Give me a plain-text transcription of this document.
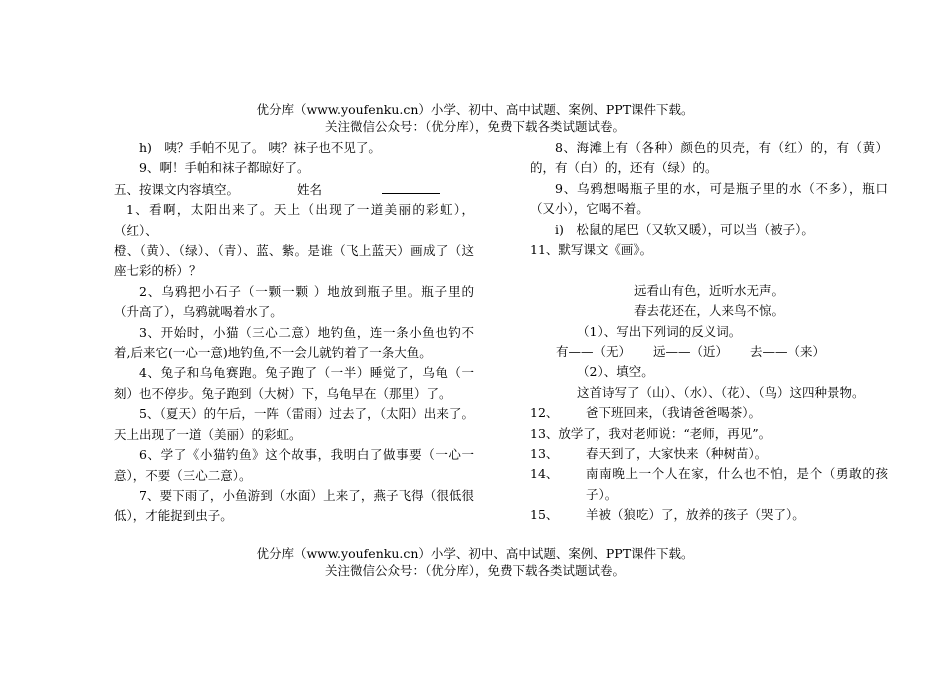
优分库（www.youfenku.cn）小学、初中、高中试题、案例、PPT课件下载。
关注微信公众号：（优分库），免费下载各类试题试卷。

h)　咦？手帕不见了。 咦？袜子也不见了。

9、啊！手帕和袜子都晾好了。

五、按课文内容填空。	姓名

1、看啊，太阳出来了。天上（出现了一道美丽的彩虹），（红）、

橙、（黄）、（绿）、（青）、蓝、紫。是谁（飞上蓝天）画成了（这座七彩的桥）？

2、乌鸦把小石子（一颗一颗 ）地放到瓶子里。瓶子里的（升高了），乌鸦就喝着水了。

3、开始时，小猫（三心二意）地钓鱼，连一条小鱼也钓不着,后来它(一心一意)地钓鱼,不一会儿就钓着了一条大鱼。

4、兔子和乌龟赛跑。兔子跑了（一半）睡觉了，乌龟（一刻）也不停步。兔子跑到（大树）下，乌龟早在（那里）了。

5、（夏天）的午后，一阵（雷雨）过去了，（太阳）出来了。天上出现了一道（美丽）的彩虹。

6、学了《小猫钓鱼》这个故事，我明白了做事要（一心一意），不要（三心二意）。

7、要下雨了，小鱼游到（水面）上来了，燕子飞得（很低很低），才能捉到虫子。

8、海滩上有（各种）颜色的贝壳，有（红）的，有（黄）的，有（白）的，还有（绿）的。

9、乌鸦想喝瓶子里的水，可是瓶子里的水（不多），瓶口（又小），它喝不着。

i)　松鼠的尾巴（又软又暖），可以当（被子）。

11、默写课文《画》。

远看山有色，近听水无声。

春去花还在，人来鸟不惊。

（1）、写出下列词的反义词。

有——（无） 远——（近） 去——（来）

（2）、填空。

这首诗写了（山）、（水）、（花）、（鸟）这四种景物。

12、	爸下班回来，（我请爸爸喝茶）。

13、放学了，我对老师说：“老师，再见”。

13、	春天到了，大家快来（种树苗）。
14、	南南晚上一个人在家，什么也不怕，是个（勇敢的孩子）。
15、	羊被（狼吃）了，放养的孩子（哭了）。
优分库（www.youfenku.cn）小学、初中、高中试题、案例、PPT课件下载。
关注微信公众号：（优分库），免费下载各类试题试卷。
